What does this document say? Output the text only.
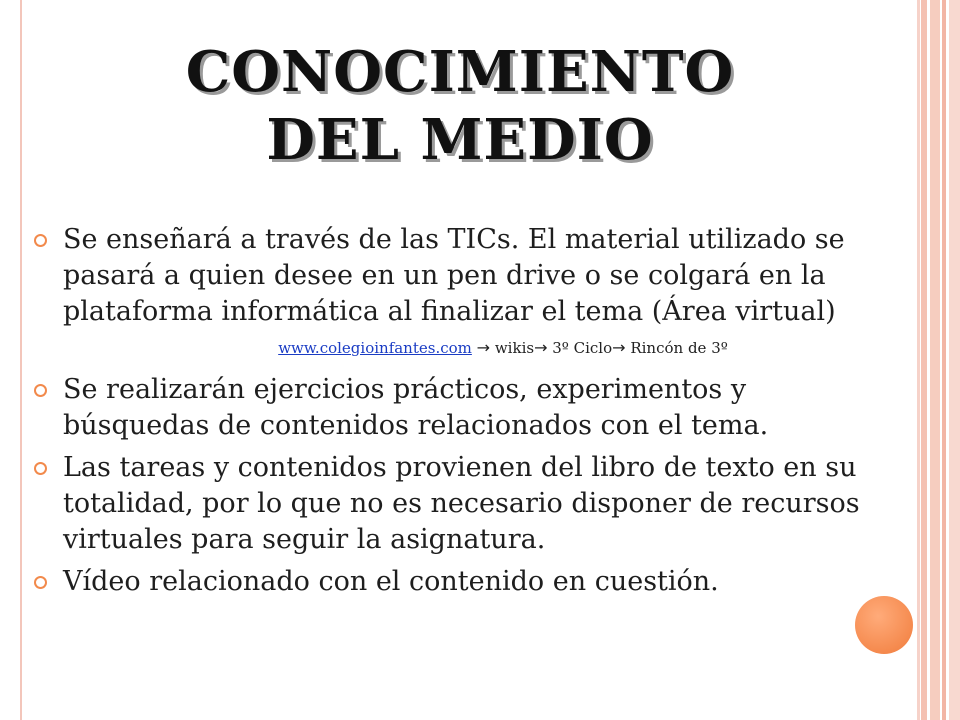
CONOCIMIENTO
DEL MEDIO
Se enseñará a través de las TICs. El material utilizado se pasará a quien desee en un pen drive o se colgará en la plataforma informática al finalizar el tema (Área virtual)
www.colegioinfantes.com → wikis→ 3º Ciclo→ Rincón de 3º
Se realizarán ejercicios prácticos, experimentos y búsquedas de contenidos relacionados con el tema.
Las tareas y contenidos provienen del libro de texto en su totalidad, por lo que no es necesario disponer de recursos virtuales para seguir la asignatura.
Vídeo relacionado con el contenido en cuestión.
